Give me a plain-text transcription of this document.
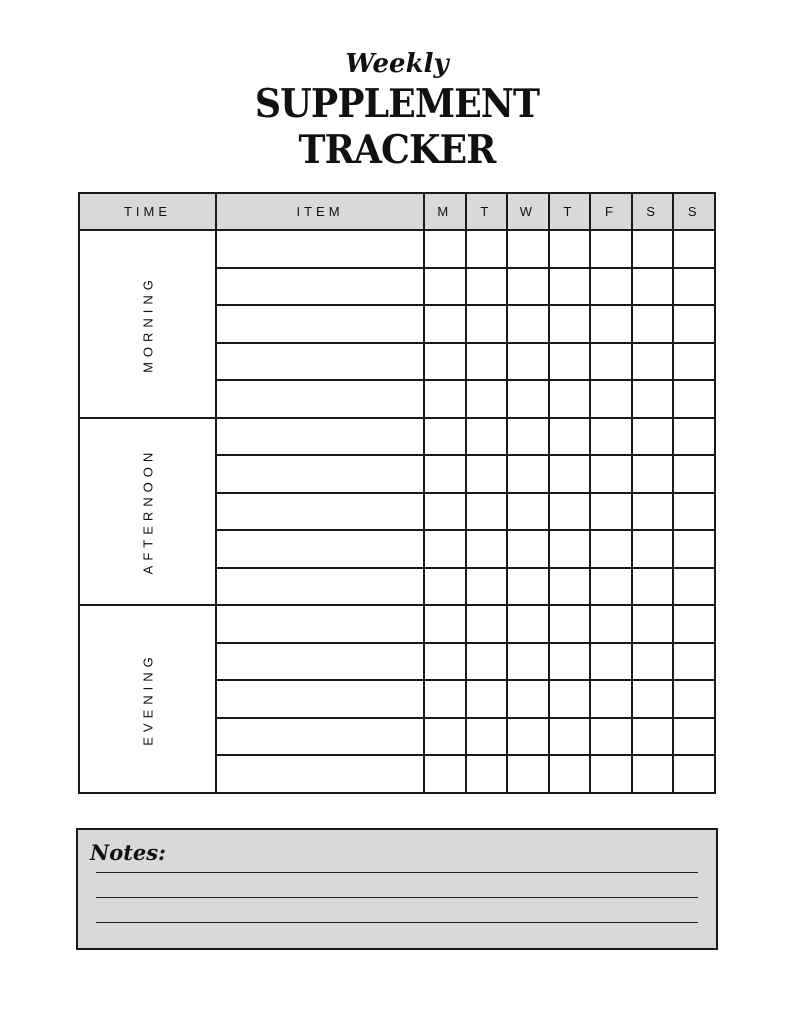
Weekly
SUPPLEMENT
TRACKER
TIME	ITEM	M	T	W	T	F	S	S

MORNING								

AFTERNOON								

EVENING								

Notes:
